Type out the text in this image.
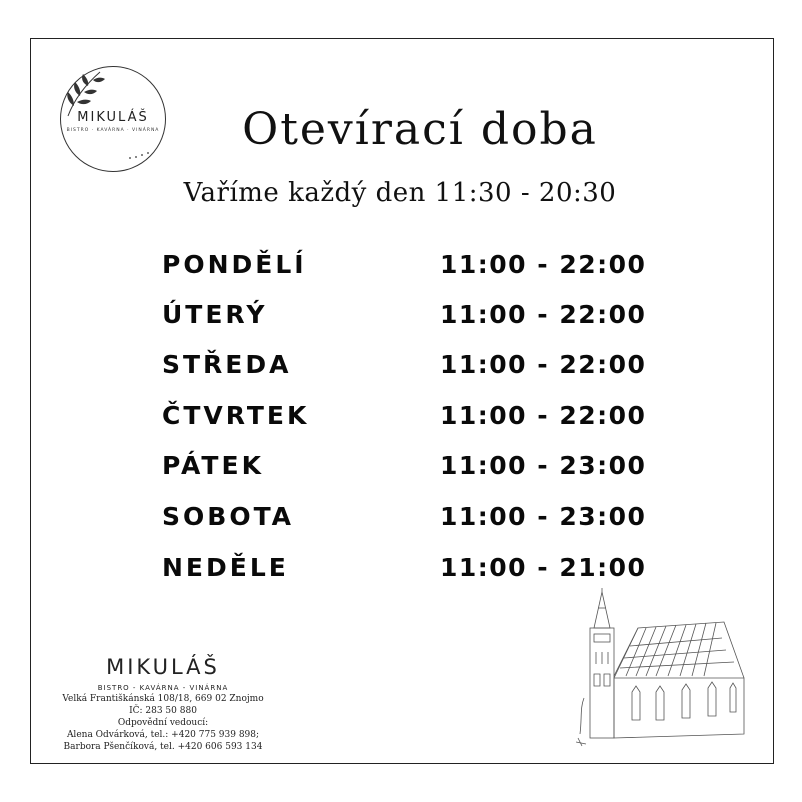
MIKULÁŠ
BISTRO · KAVÁRNA · VINÁRNA	Otevírací doba
Vaříme každý den 11:30 - 20:30
PONDĚLÍ	11:00 - 22:00
ÚTERÝ	11:00 - 22:00
STŘEDA	11:00 - 22:00
ČTVRTEK	11:00 - 22:00
PÁTEK	11:00 - 23:00
SOBOTA	11:00 - 23:00
NEDĚLE	11:00 - 21:00
MIKULÁŠ
BISTRO - KAVÁRNA - VINÁRNA
Velká Františkánská 108/18, 669 02 Znojmo
IČ: 283 50 880
Odpovědní vedoucí:
Alena Odvárková, tel.: +420 775 939 898;
Barbora Pšenčíková, tel. +420 606 593 134
